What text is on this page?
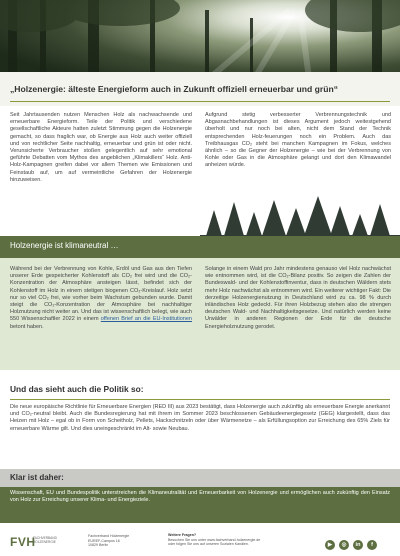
„Holzenergie: älteste Energieform auch in Zukunft offiziell erneuerbar und grün“
Seit Jahrtausenden nutzen Menschen Holz als nachwachsende und erneuerbare Energieform. Teile der Politik und verschiedene gesellschaftliche Akteure hatten zuletzt Stimmung gegen die Holzenergie gemacht, so dass fraglich war, ob Energie aus Holz auch weiter offiziell und von rechtlicher Seite nachhaltig, erneuerbar und grün ist oder nicht. Verunsicherte Verbraucher stoßen gelegentlich auf sehr emotional geführte Debatten vom Mythos des angeblichen „Klimakillers“ Holz. Anti-Holz-Kampagnen greifen dabei vor allem Themen wie Emissionen und Feinstaub auf, um auf vermeintliche Gefahren der Holzenergie hinzuweisen.
Aufgrund stetig verbesserter Verbrennungstechnik und Abgasnachbehandlungen ist dieses Argument jedoch weitestgehend überholt und nur noch bei alten, nicht dem Stand der Technik entsprechenden Holz-feuerungen noch ein Problem. Auch das Treibhausgas CO₂ steht bei manchen Kampagnen im Fokus, welches ähnlich – so die Gegner der Holzenergie – wie bei der Verbrennung von Kohle oder Gas in die Atmosphäre gelangt und dort den Klimawandel anheizen würde.
Holzenergie ist klimaneutral …
Während bei der Verbrennung von Kohle, Erdöl und Gas aus den Tiefen unserer Erde gespeicherter Kohlenstoff als CO₂ frei wird und die CO₂-Konzentration der Atmosphäre ansteigen lässt, befindet sich der Kohlenstoff im Holz in einem stetigen biogenen CO₂-Kreislauf. Holz setzt nur so viel CO₂ frei, wie vorher beim Wachstum gebunden wurde. Damit steigt die CO₂-Konzentration der Atmosphäre bei nachhaltiger Holznutzung nicht weiter an. Und das ist wissenschaftlich belegt, wie auch 550 Wissenschaftler 2022 in einem offenen Brief an die EU-Institutionen betont haben.
Solange in einem Wald pro Jahr mindestens genauso viel Holz nachwächst wie entnommen wird, ist die CO₂-Bilanz positiv. So zeigen die Zahlen der Bundeswald- und der Kohlenstoffinventur, dass in deutschen Wäldern stets mehr Holz nachwächst als entnommen wird. Ein weiterer wichtiger Fakt: Die derzeitige Holzenergienutzung in Deutschland wird zu ca. 98 % durch inländisches Holz gedeckt. Für ihren Holzbezug stehen also die strengen deutschen Wald- und Nachhaltigkeitsgesetze. Und natürlich werden keine Urwälder in anderen Regionen der Erde für die deutsche Energieholznutzung gerodet.
Und das sieht auch die Politik so:
Die neue europäische Richtlinie für Erneuerbare Energien (RED III) aus 2023 bestätigt, dass Holzenergie auch zukünftig als erneuerbare Energie anerkannt und CO₂-neutral bleibt. Auch die Bundesregierung hat mit ihrem im Sommer 2023 beschlossenen Gebäudeenergiegesetz (GEG) klargestellt, dass das Heizen mit Holz – egal ob in Form von Scheitholz, Pellets, Hackschnitzeln oder über Wärmenetze – als Erfüllungsoption zur Erreichung des 65% Ziels für erneuerbare Wärme gilt. Und dies uneingeschränkt im Alt- sowie Neubau.
Klar ist daher:
Wissenschaft, EU und Bundespolitik unterstreichen die Klimaneutralität und Erneuerbarkeit von Holzenergie und ermöglichen auch zukünftig den Einsatz von Holz zur Erreichung unserer Klima- und Energieziele.
FVH
FACHVERBAND HOLZENERGIE
Fachverband Holzenergie
EUREF-Campus 16
10829 Berlin
Weitere Fragen?
Besuchen Sie uns unter www.fachverband-holzenergie.de
oder folgen Sie uns auf unseren Sozialen Kanälen.	▶	◎	in	f
